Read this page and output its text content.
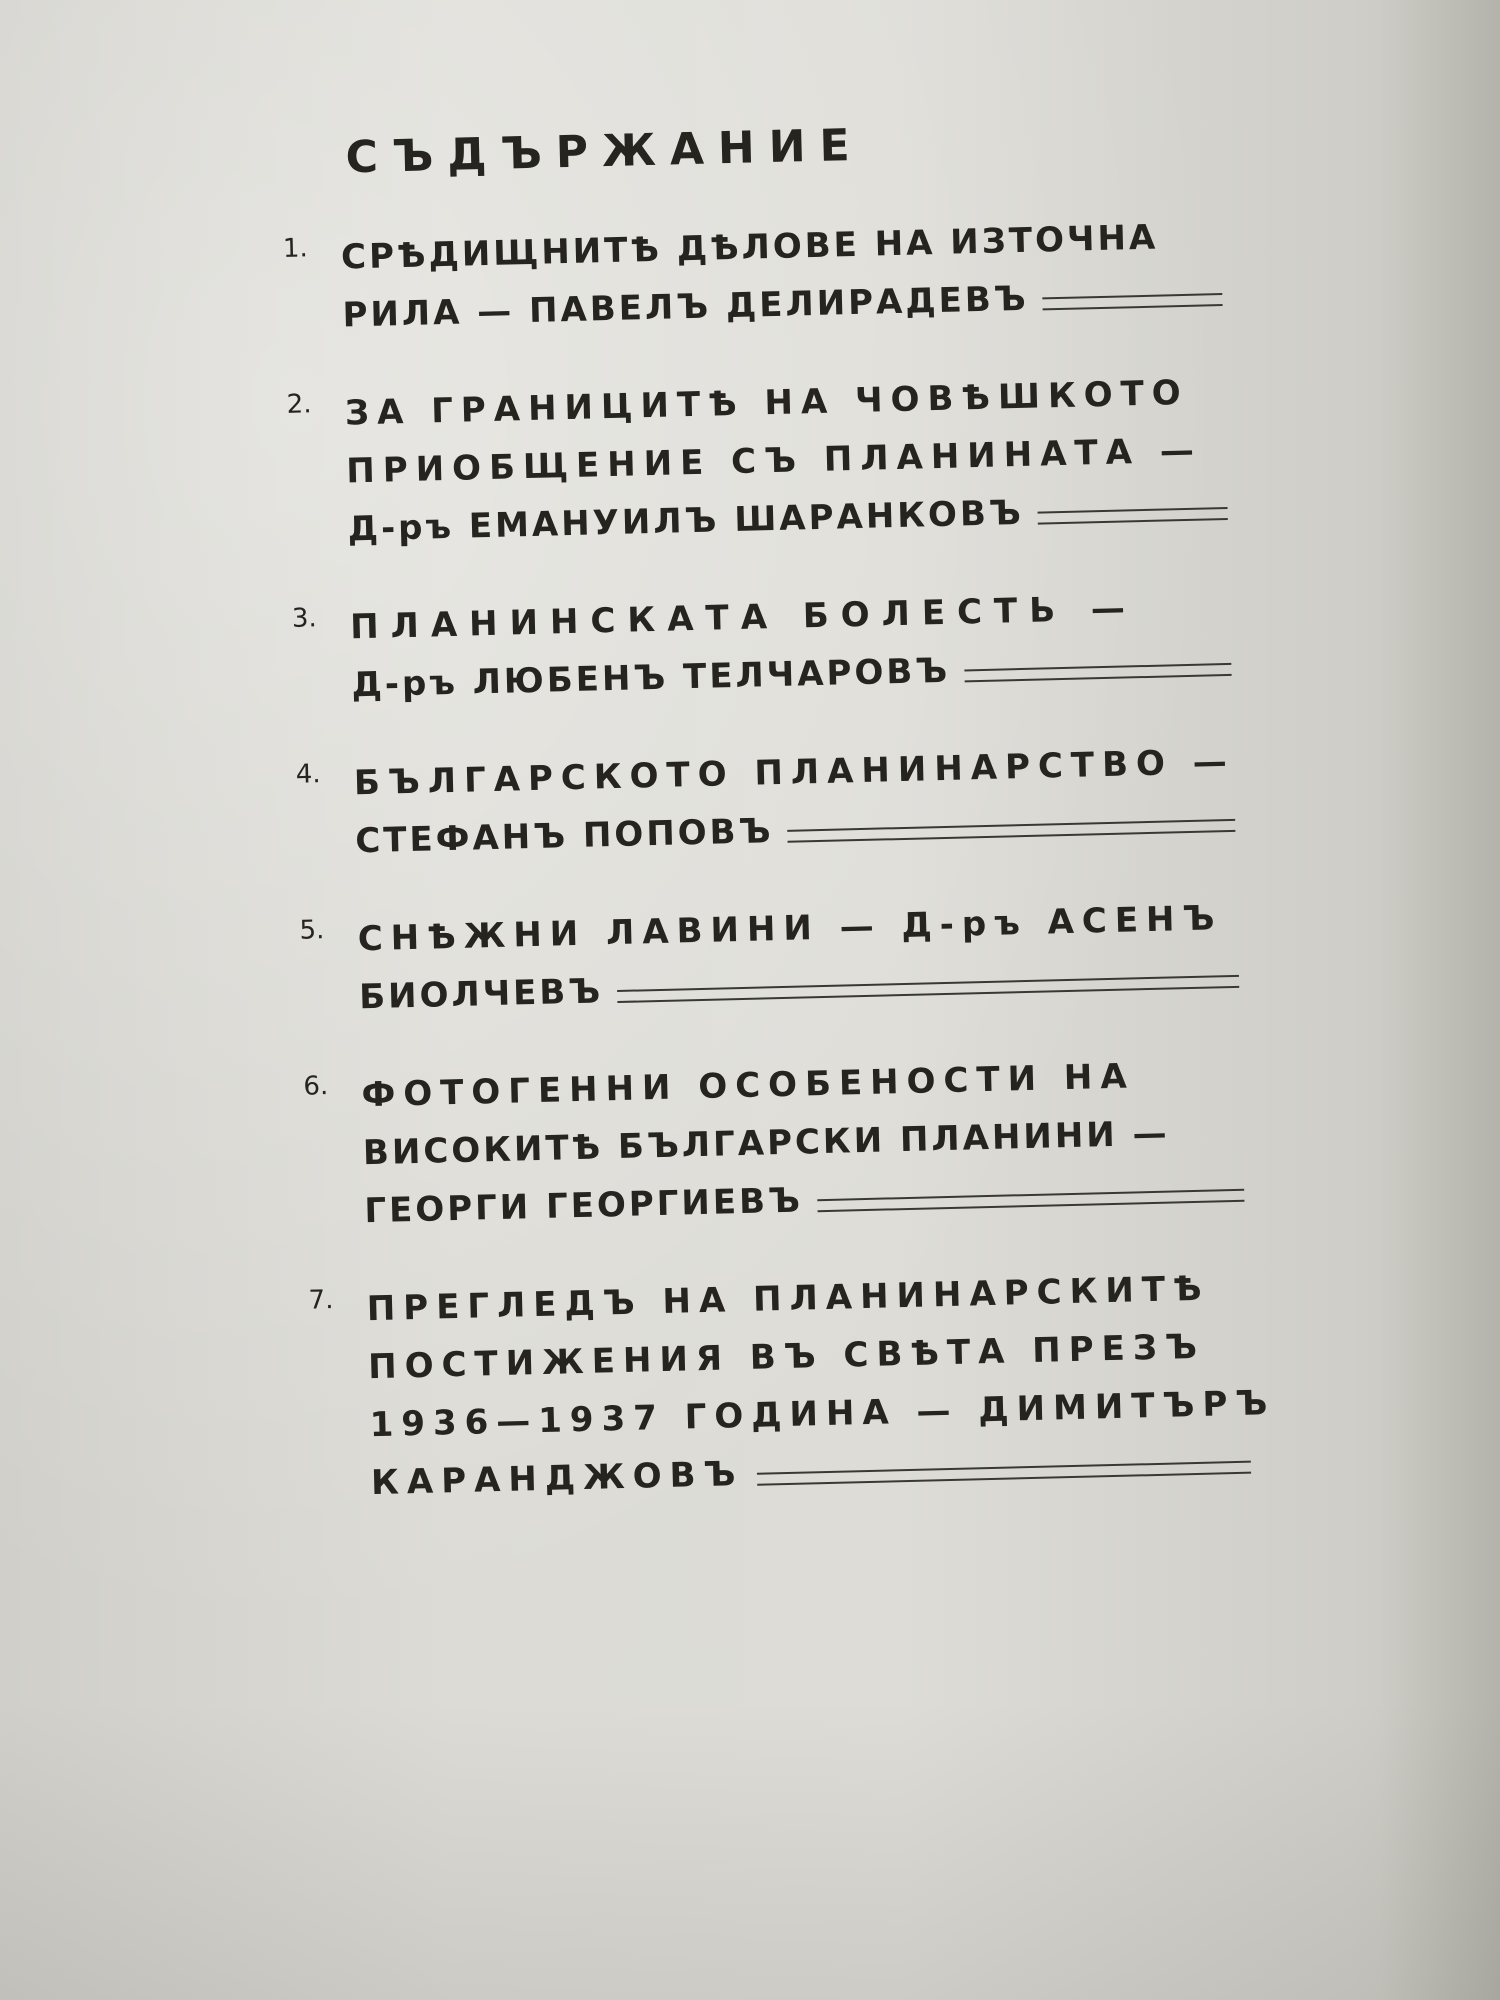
СЪДЪРЖАНИЕ
1. СРѢДИЩНИТѢ ДѢЛОВЕ НА ИЗТОЧНА
РИЛА — ПАВЕЛЪ ДЕЛИРАДЕВЪ
2. ЗА ГРАНИЦИТѢ НА ЧОВѢШКОТО
ПРИОБЩЕНИЕ СЪ ПЛАНИНАТА —
Д-ръ ЕМАНУИЛЪ ШАРАНКОВЪ
3. ПЛАНИНСКАТА БОЛЕСТЬ —
Д-ръ ЛЮБЕНЪ ТЕЛЧАРОВЪ
4. БЪЛГАРСКОТО ПЛАНИНАРСТВО —
СТЕФАНЪ ПОПОВЪ
5. СНѢЖНИ ЛАВИНИ — Д-ръ АСЕНЪ
БИОЛЧЕВЪ
6. ФОТОГЕННИ ОСОБЕНОСТИ НА
ВИСОКИТѢ БЪЛГАРСКИ ПЛАНИНИ —
ГЕОРГИ ГЕОРГИЕВЪ
7. ПРЕГЛЕДЪ НА ПЛАНИНАРСКИТѢ
ПОСТИЖЕНИЯ ВЪ СВѢТА ПРЕЗЪ
1936—1937 ГОДИНА — ДИМИТЪРЪ
КАРАНДЖОВЪ
